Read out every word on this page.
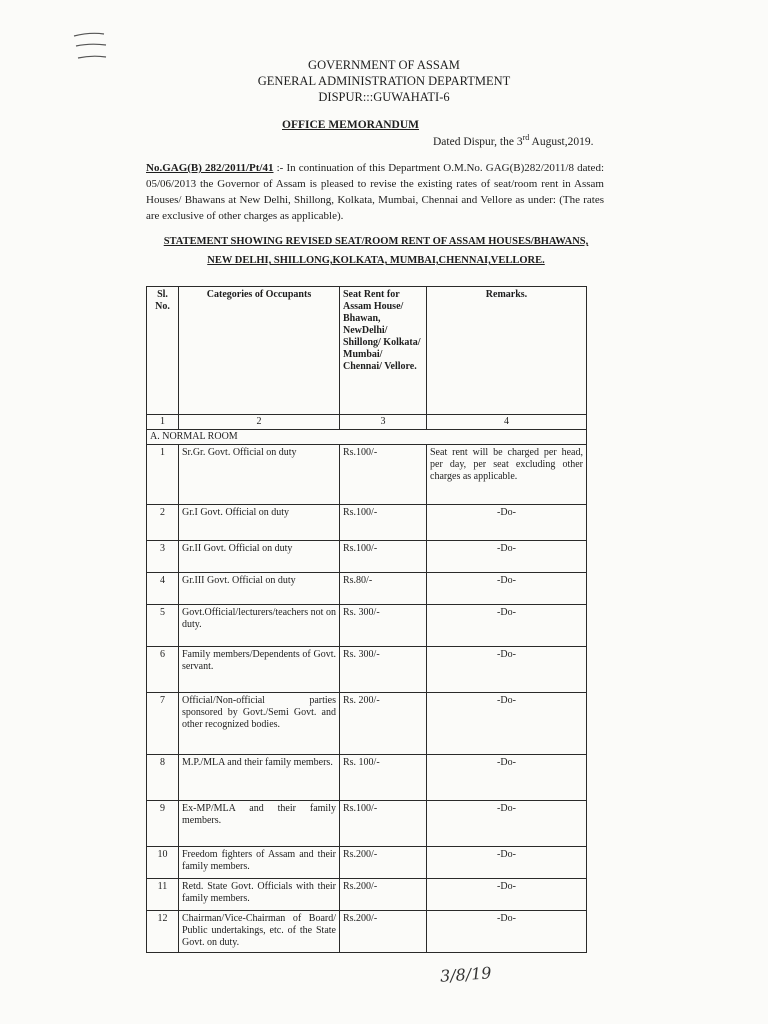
GOVERNMENT OF ASSAM
GENERAL ADMINISTRATION DEPARTMENT
DISPUR:::GUWAHATI-6
OFFICE MEMORANDUM
Dated Dispur, the 3rd August,2019.
No.GAG(B) 282/2011/Pt/41 :- In continuation of this Department O.M.No. GAG(B)282/2011/8 dated: 05/06/2013 the Governor of Assam is pleased to revise the existing rates of seat/room rent in Assam Houses/ Bhawans at New Delhi, Shillong, Kolkata, Mumbai, Chennai and Vellore as under: (The rates are exclusive of other charges as applicable).
STATEMENT SHOWING REVISED SEAT/ROOM RENT OF ASSAM HOUSES/BHAWANS,
NEW DELHI, SHILLONG,KOLKATA, MUMBAI,CHENNAI,VELLORE.
Sl. No.	Categories of Occupants	Seat Rent for Assam House/ Bhawan, NewDelhi/ Shillong/ Kolkata/ Mumbai/ Chennai/ Vellore.	Remarks.
1	2	3	4
A. NORMAL ROOM			
1	Sr.Gr. Govt. Official on duty	Rs.100/-	Seat rent will be charged per head, per day, per seat excluding other charges as applicable.
2	Gr.I Govt. Official on duty	Rs.100/-	-Do-
3	Gr.II Govt. Official on duty	Rs.100/-	-Do-
4	Gr.III Govt. Official on duty	Rs.80/-	-Do-
5	Govt.Official/lecturers/teachers not on duty.	Rs. 300/-	-Do-
6	Family members/Dependents of Govt. servant.	Rs. 300/-	-Do-
7	Official/Non-official parties sponsored by Govt./Semi Govt. and other recognized bodies.	Rs. 200/-	-Do-
8	M.P./MLA and their family members.	Rs. 100/-	-Do-
9	Ex-MP/MLA and their family members.	Rs.100/-	-Do-
10	Freedom fighters of Assam and their family members.	Rs.200/-	-Do-
11	Retd. State Govt. Officials with their family members.	Rs.200/-	-Do-
12	Chairman/Vice-Chairman of Board/ Public undertakings, etc. of the State Govt. on duty.	Rs.200/-	-Do-
3/8/19
